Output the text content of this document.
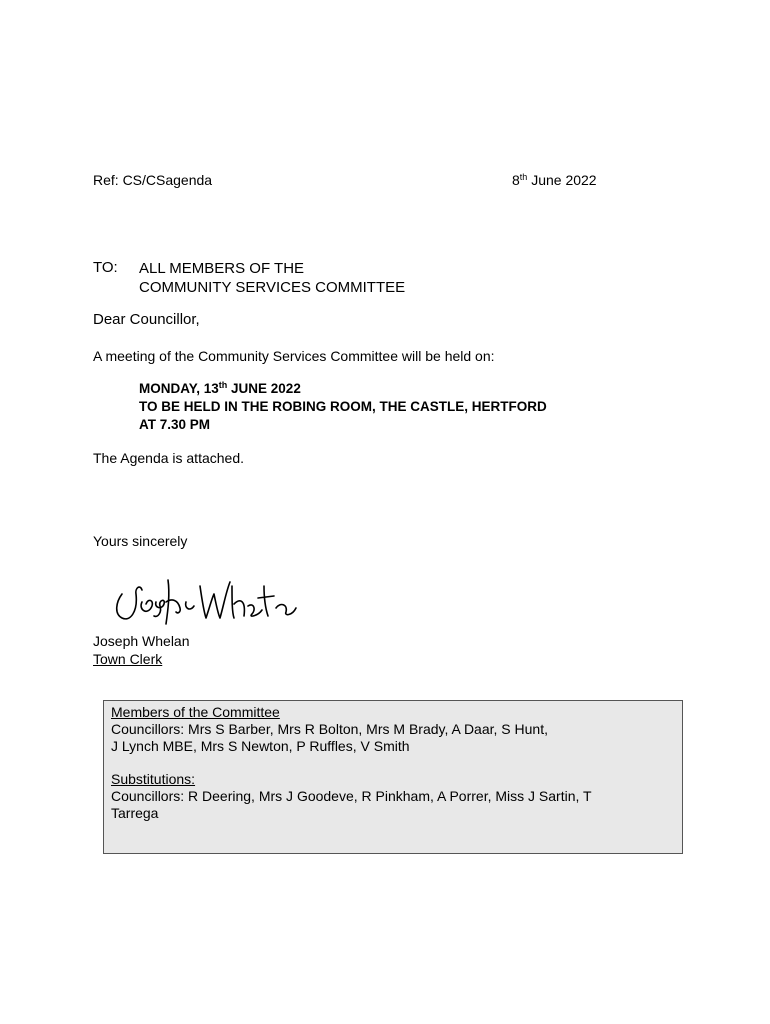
Ref: CS/CSagenda	8th June 2022
TO: ALL MEMBERS OF THE
COMMUNITY SERVICES COMMITTEE
Dear Councillor,
A meeting of the Community Services Committee will be held on:
MONDAY, 13th JUNE 2022
TO BE HELD IN THE ROBING ROOM, THE CASTLE, HERTFORD
AT 7.30 PM
The Agenda is attached.
Yours sincerely
Joseph Whelan
Town Clerk

Members of the Committee

Councillors: Mrs S Barber, Mrs R Bolton, Mrs M Brady, A Daar, S Hunt,

J Lynch MBE, Mrs S Newton, P Ruffles, V Smith

Substitutions:

Councillors: R Deering, Mrs J Goodeve, R Pinkham, A Porrer, Miss J Sartin, T

Tarrega
